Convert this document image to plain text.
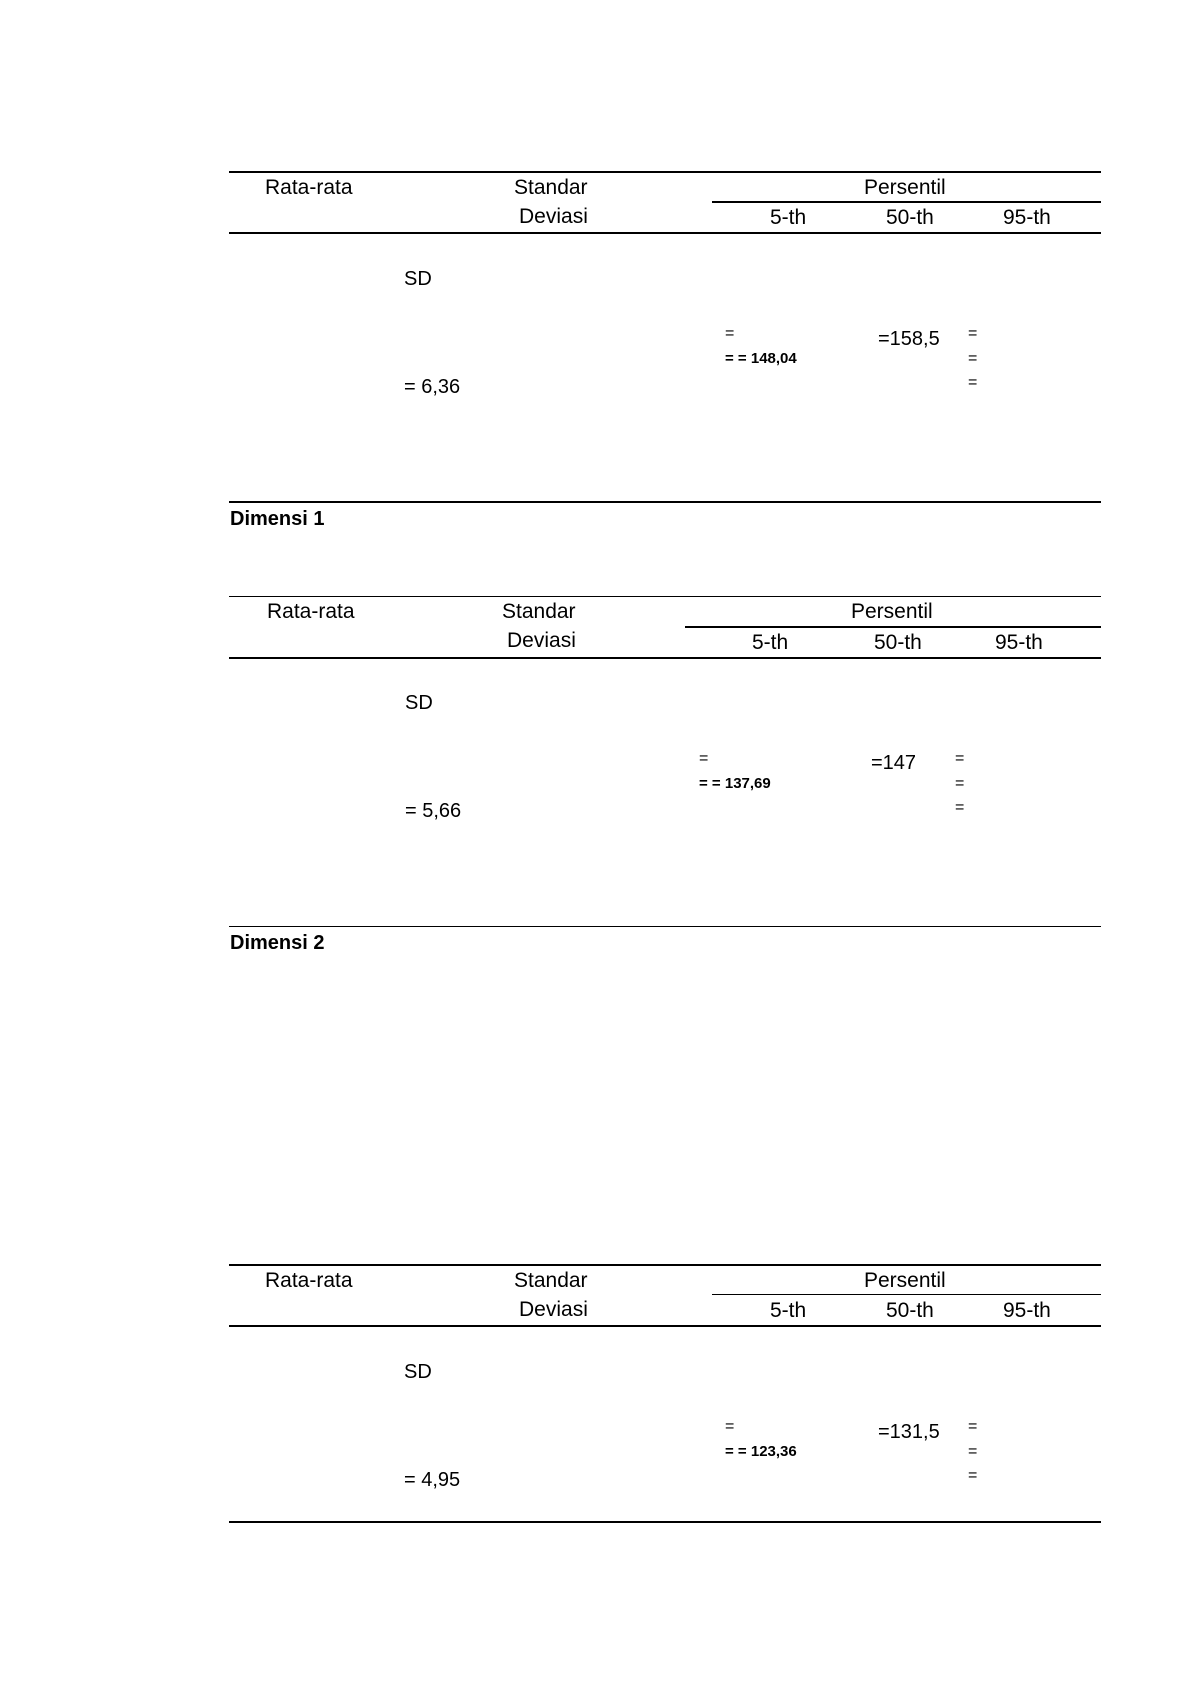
Rata-rata	Standar
Deviasi
Persentil
5-th	50-th	95-th
SD
= 6,36
=
= = 148,04
=158,5 =
=
=
Dimensi 1
Rata-rata	Standar
Deviasi
Persentil
5-th	50-th	95-th
SD
= 5,66
=
= = 137,69
=147 =
=
=
Dimensi 2
Rata-rata	Standar
Deviasi
Persentil
5-th	50-th	95-th
SD
= 4,95
=
= = 123,36
=131,5 =
=
=
